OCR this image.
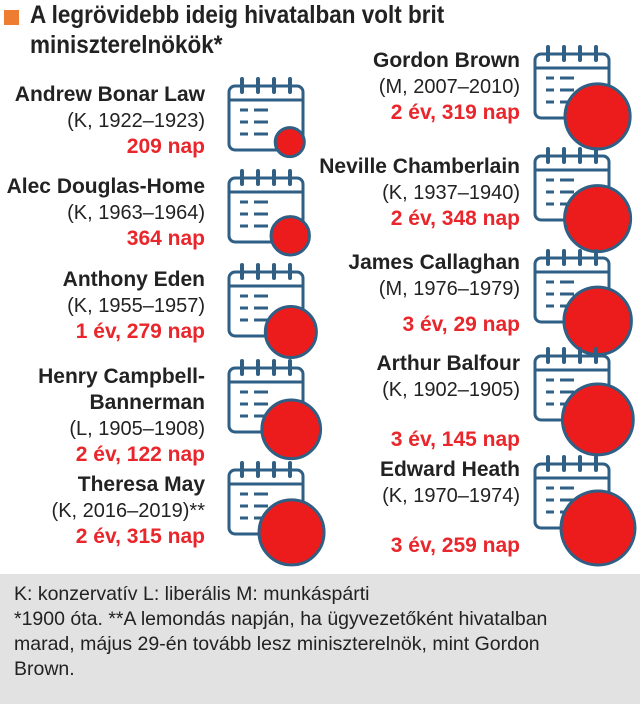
A legrövidebb ideig hivatalban volt brit miniszterelnökök*
Andrew Bonar Law
(K, 1922–1923)
209 nap
Alec Douglas-Home
(K, 1963–1964)
364 nap
Anthony Eden
(K, 1955–1957)
1 év, 279 nap
Henry Campbell-
Bannerman
(L, 1905–1908)
2 év, 122 nap
Theresa May
(K, 2016–2019)**
2 év, 315 nap
Gordon Brown
(M, 2007–2010)
2 év, 319 nap
Neville Chamberlain
(K, 1937–1940)
2 év, 348 nap
James Callaghan
(M, 1976–1979)
3 év, 29 nap
Arthur Balfour
(K, 1902–1905)
3 év, 145 nap
Edward Heath
(K, 1970–1974)
3 év, 259 nap
K: konzervatív L: liberális M: munkáspárti
*1900 óta. **A lemondás napján, ha ügyvezetőként hivatalban marad, május 29-én tovább lesz miniszterelnök, mint Gordon Brown.
